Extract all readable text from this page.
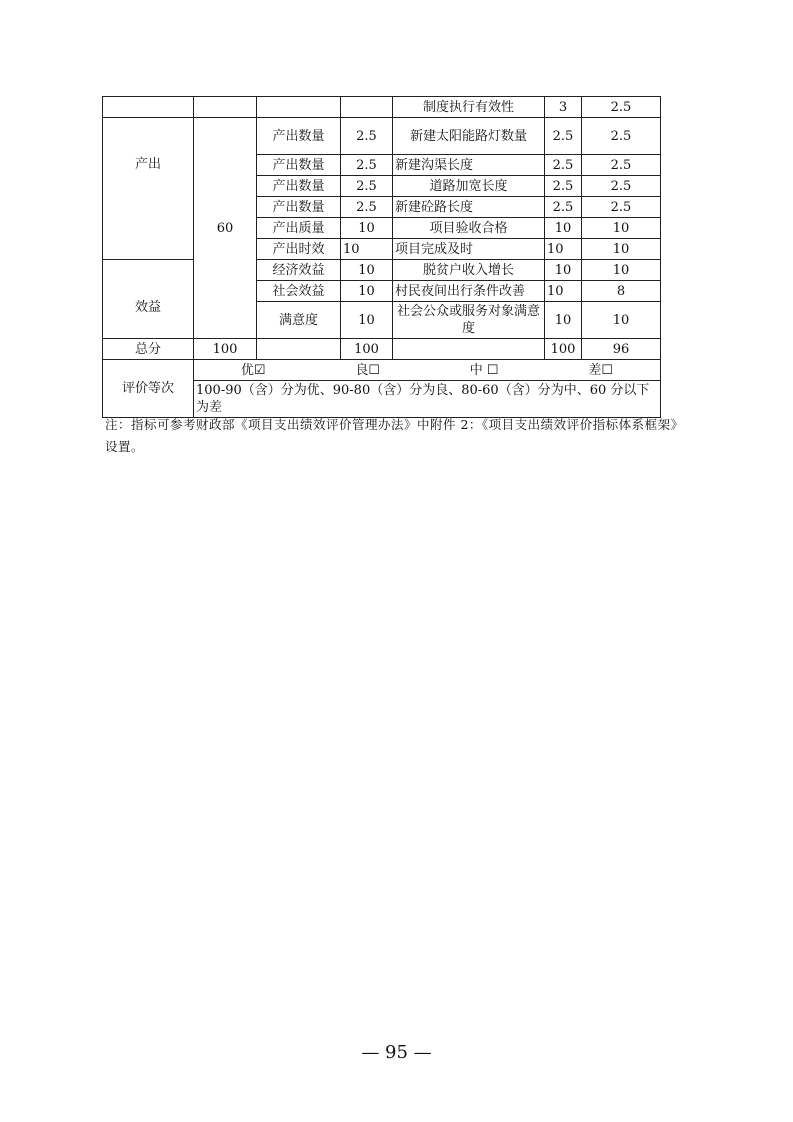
				制度执行有效性	3	2.5
产出	60	产出数量	2.5	新建太阳能路灯数量	2.5	2.5
		产出数量	2.5	新建沟渠长度	2.5	2.5
		产出数量	2.5	道路加宽长度	2.5	2.5
		产出数量	2.5	新建砼路长度	2.5	2.5
		产出质量	10	项目验收合格	10	10
		产出时效	10	项目完成及时	10	10
效益		经济效益	10	脱贫户收入增长	10	10
		社会效益	10	村民夜间出行条件改善	10	8
		满意度	10	社会公众或服务对象满意度	10	10
总分	100		100		100	96
评价等次	优☑ 良☐ 中 ☐ 差☐					

	100-90（含）分为优、90-80（含）分为良、80-60（含）分为中、60 分以下为差					
注：指标可参考财政部《项目支出绩效评价管理办法》中附件 2：《项目支出绩效评价指标体系框架》设置。
— 95 —
